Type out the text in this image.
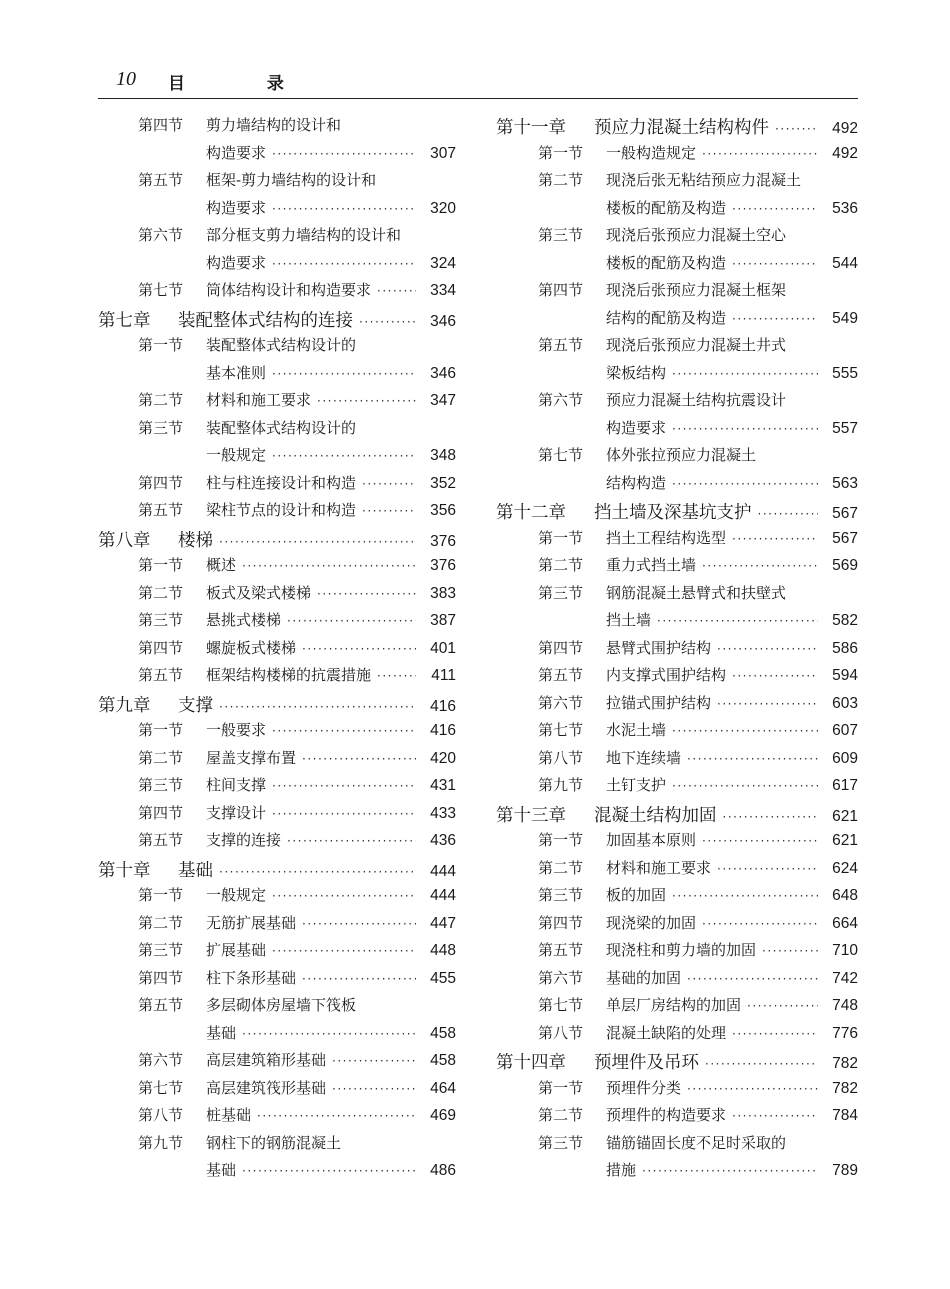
10 目 录
第四节	剪力墙结构的设计和
构造要求 ·····	307
第五节	框架-剪力墙结构的设计和
构造要求 ·····	320
第六节	部分框支剪力墙结构的设计和
构造要求 ·····	324
第七节	筒体结构设计和构造要求 ·····	334
第七章	装配整体式结构的连接 ·····	346
第一节	装配整体式结构设计的
基本准则 ·····	346
第二节	材料和施工要求 ·····	347
第三节	装配整体式结构设计的
一般规定 ·····	348
第四节	柱与柱连接设计和构造 ·····	352
第五节	梁柱节点的设计和构造 ·····	356
第八章	楼梯 ·····	376
第一节	概述 ·····	376
第二节	板式及梁式楼梯 ·····	383
第三节	悬挑式楼梯 ·····	387
第四节	螺旋板式楼梯 ·····	401
第五节	框架结构楼梯的抗震措施 ·····	411
第九章	支撑 ·····	416
第一节	一般要求 ·····	416
第二节	屋盖支撑布置 ·····	420
第三节	柱间支撑 ·····	431
第四节	支撑设计 ·····	433
第五节	支撑的连接 ·····	436
第十章	基础 ·····	444
第一节	一般规定 ·····	444
第二节	无筋扩展基础 ·····	447
第三节	扩展基础 ·····	448
第四节	柱下条形基础 ·····	455
第五节	多层砌体房屋墙下筏板
基础 ·····	458
第六节	高层建筑箱形基础 ·····	458
第七节	高层建筑筏形基础 ·····	464
第八节	桩基础 ·····	469
第九节	钢柱下的钢筋混凝土
基础 ·····	486
第十一章	预应力混凝土结构构件 ·····	492
第一节	一般构造规定 ·····	492
第二节	现浇后张无粘结预应力混凝土
楼板的配筋及构造 ·····	536
第三节	现浇后张预应力混凝土空心
楼板的配筋及构造 ·····	544
第四节	现浇后张预应力混凝土框架
结构的配筋及构造 ·····	549
第五节	现浇后张预应力混凝土井式
梁板结构 ·····	555
第六节	预应力混凝土结构抗震设计
构造要求 ·····	557
第七节	体外张拉预应力混凝土
结构构造 ·····	563
第十二章	挡土墙及深基坑支护 ·····	567
第一节	挡土工程结构选型 ·····	567
第二节	重力式挡土墙 ·····	569
第三节	钢筋混凝土悬臂式和扶壁式
挡土墙 ·····	582
第四节	悬臂式围护结构 ·····	586
第五节	内支撑式围护结构 ·····	594
第六节	拉锚式围护结构 ·····	603
第七节	水泥土墙 ·····	607
第八节	地下连续墙 ·····	609
第九节	土钉支护 ·····	617
第十三章	混凝土结构加固 ·····	621
第一节	加固基本原则 ·····	621
第二节	材料和施工要求 ·····	624
第三节	板的加固 ·····	648
第四节	现浇梁的加固 ·····	664
第五节	现浇柱和剪力墙的加固 ·····	710
第六节	基础的加固 ·····	742
第七节	单层厂房结构的加固 ·····	748
第八节	混凝土缺陷的处理 ·····	776
第十四章	预埋件及吊环 ·····	782
第一节	预埋件分类 ·····	782
第二节	预埋件的构造要求 ·····	784
第三节	锚筋锚固长度不足时采取的
措施 ·····	789
